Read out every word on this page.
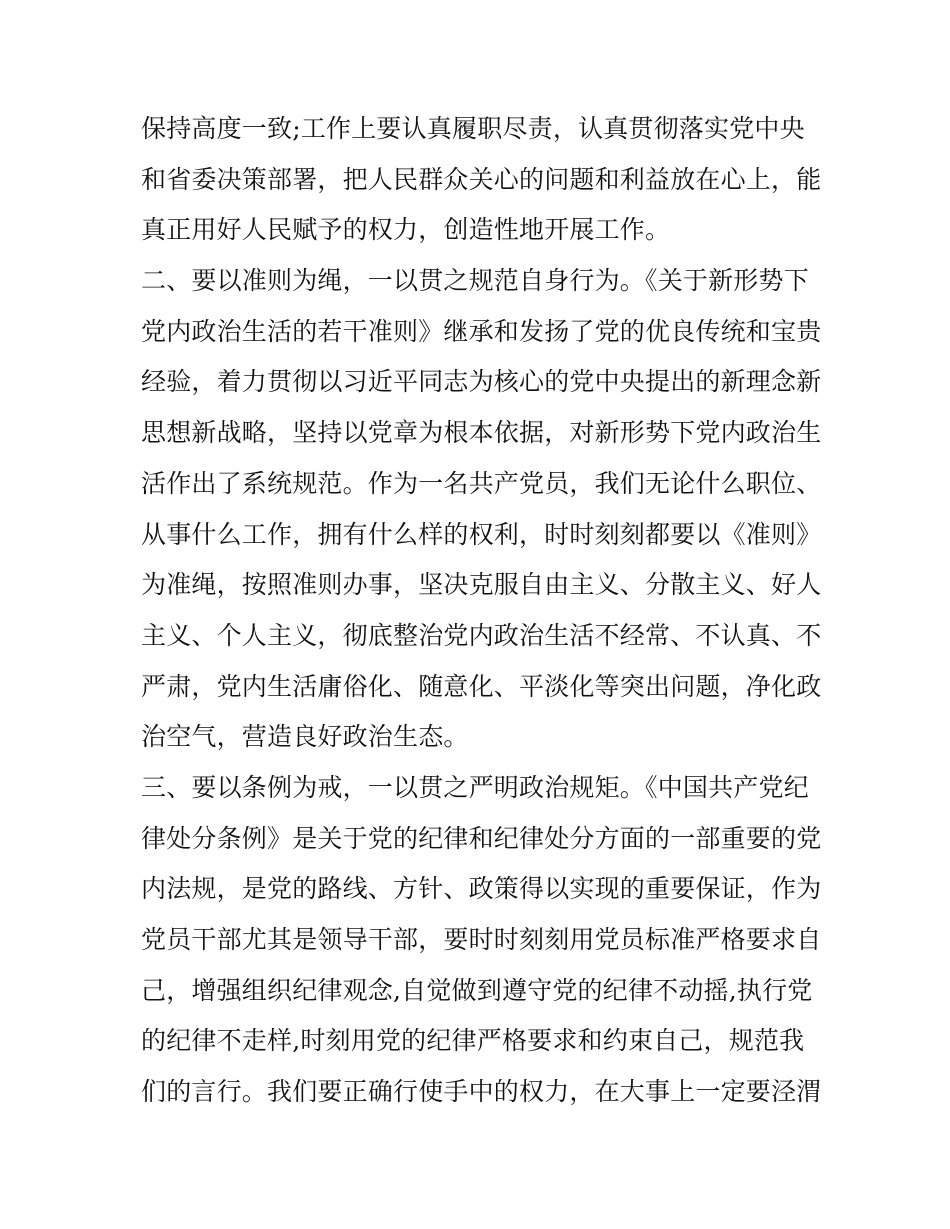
保持高度一致;工作上要认真履职尽责，认真贯彻落实党中央
和省委决策部署，把人民群众关心的问题和利益放在心上，能
真正用好人民赋予的权力，创造性地开展工作。
二、要以准则为绳，一以贯之规范自身行为。《关于新形势下
党内政治生活的若干准则》继承和发扬了党的优良传统和宝贵
经验，着力贯彻以习近平同志为核心的党中央提出的新理念新
思想新战略，坚持以党章为根本依据，对新形势下党内政治生
活作出了系统规范。作为一名共产党员，我们无论什么职位、
从事什么工作，拥有什么样的权利，时时刻刻都要以《准则》
为准绳，按照准则办事，坚决克服自由主义、分散主义、好人
主义、个人主义，彻底整治党内政治生活不经常、不认真、不
严肃，党内生活庸俗化、随意化、平淡化等突出问题，净化政
治空气，营造良好政治生态。
三、要以条例为戒，一以贯之严明政治规矩。《中国共产党纪
律处分条例》是关于党的纪律和纪律处分方面的一部重要的党
内法规，是党的路线、方针、政策得以实现的重要保证，作为
党员干部尤其是领导干部，要时时刻刻用党员标准严格要求自
己，增强组织纪律观念,自觉做到遵守党的纪律不动摇,执行党
的纪律不走样,时刻用党的纪律严格要求和约束自己，规范我
们的言行。我们要正确行使手中的权力，在大事上一定要泾渭
